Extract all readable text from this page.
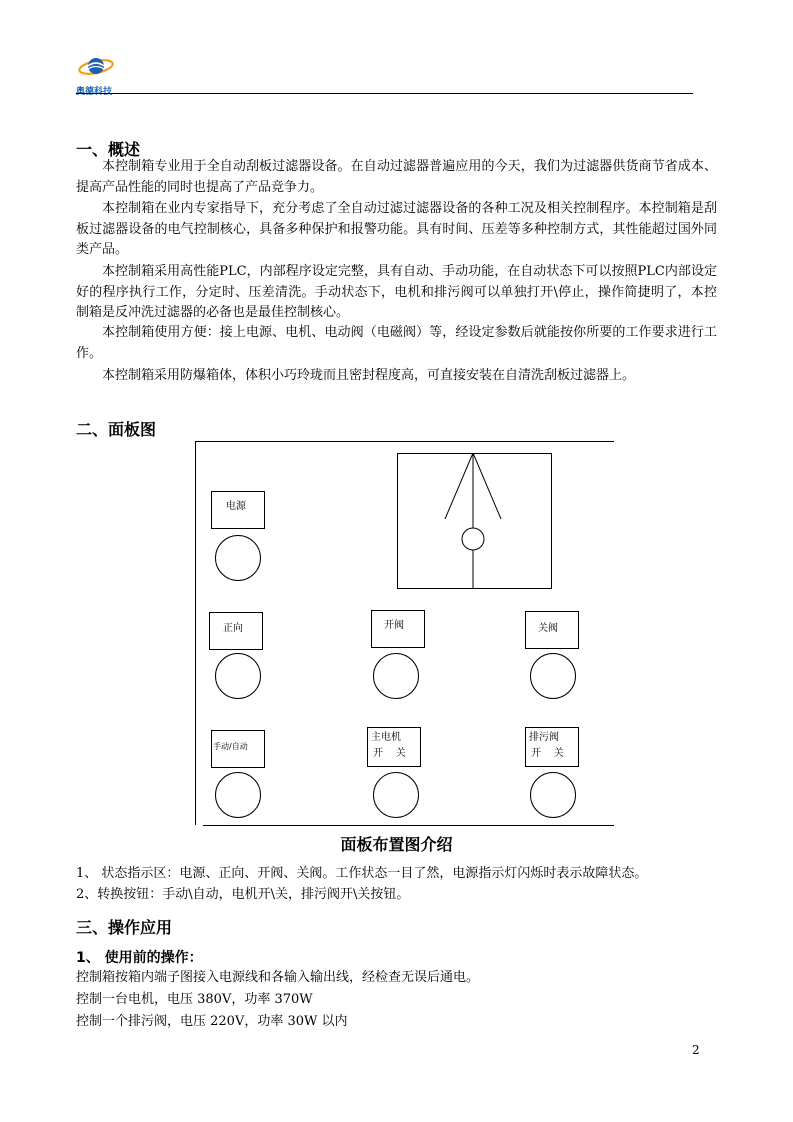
奥德科技
一、概述

本控制箱专业用于全自动刮板过滤器设备。在自动过滤器普遍应用的今天，我们为过滤器供货商节省成本、提高产品性能的同时也提高了产品竞争力。

本控制箱在业内专家指导下，充分考虑了全自动过滤过滤器设备的各种工况及相关控制程序。本控制箱是刮板过滤器设备的电气控制核心，具备多种保护和报警功能。具有时间、压差等多种控制方式，其性能超过国外同类产品。

本控制箱采用高性能PLC，内部程序设定完整，具有自动、手动功能，在自动状态下可以按照PLC内部设定好的程序执行工作，分定时、压差清洗。手动状态下，电机和排污阀可以单独打开\停止，操作简捷明了，本控制箱是反冲洗过滤器的必备也是最佳控制核心。

本控制箱使用方便：接上电源、电机、电动阀（电磁阀）等，经设定参数后就能按你所要的工作要求进行工作。

本控制箱采用防爆箱体，体积小巧玲珑而且密封程度高，可直接安装在自清洗刮板过滤器上。

二、面板图
电源
正向	开阀	关阀
手动/自动
主电机
开    关
排污阀
开    关
面板布置图介绍
1、 状态指示区：电源、正向、开阀、关阀。工作状态一目了然，电源指示灯闪烁时表示故障状态。
2、转换按钮：手动\自动，电机开\关，排污阀开\关按钮。
三、操作应用
1、 使用前的操作：
控制箱按箱内端子图接入电源线和各输入输出线，经检查无误后通电。
控制一台电机，电压 380V，功率 370W
控制一个排污阀，电压 220V，功率 30W 以内
2
